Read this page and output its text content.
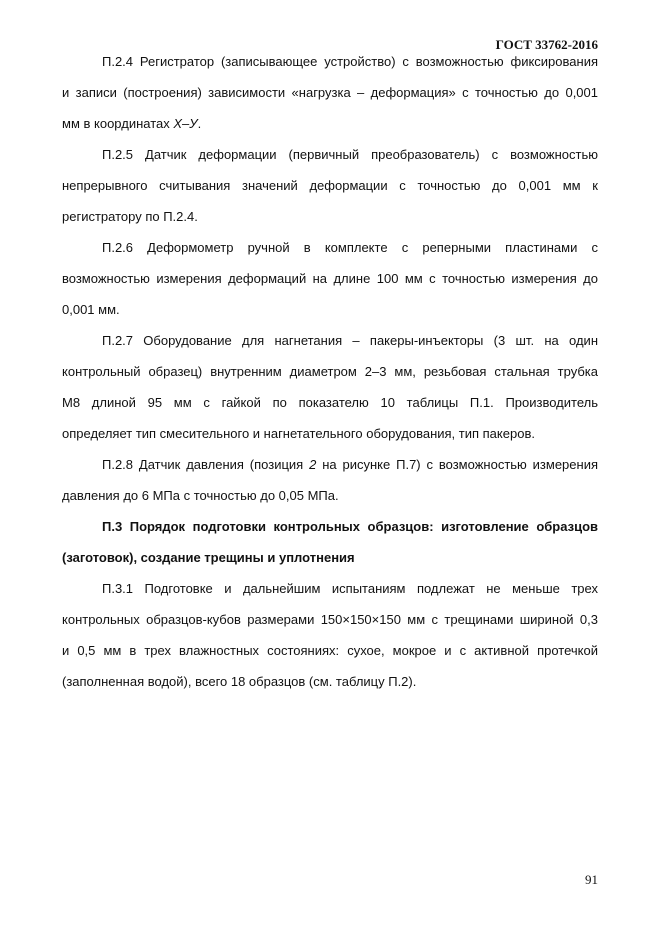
ГОСТ 33762-2016
П.2.4 Регистратор (записывающее устройство) с возможностью фиксирования
и записи (построения) зависимости «нагрузка – деформация» с точностью до 0,001
мм в координатах Х–У.
П.2.5 Датчик деформации (первичный преобразователь) с возможностью
непрерывного считывания значений деформации с точностью до 0,001 мм к
регистратору по П.2.4.
П.2.6 Деформометр ручной в комплекте с реперными пластинами с
возможностью измерения деформаций на длине 100 мм с точностью измерения до
0,001 мм.
П.2.7 Оборудование для нагнетания – пакеры-инъекторы (3 шт. на один
контрольный образец) внутренним диаметром 2–3 мм, резьбовая стальная трубка
М8 длиной 95 мм с гайкой по показателю 10 таблицы П.1. Производитель
определяет тип смесительного и нагнетательного оборудования, тип пакеров.
П.2.8 Датчик давления (позиция 2 на рисунке П.7) с возможностью измерения
давления до 6 МПа с точностью до 0,05 МПа.
П.3 Порядок подготовки контрольных образцов: изготовление образцов
(заготовок), создание трещины и уплотнения
П.3.1 Подготовке и дальнейшим испытаниям подлежат не меньше трех
контрольных образцов-кубов размерами 150×150×150 мм с трещинами шириной 0,3
и 0,5 мм в трех влажностных состояниях: сухое, мокрое и с активной протечкой
(заполненная водой), всего 18 образцов (см. таблицу П.2).
91
